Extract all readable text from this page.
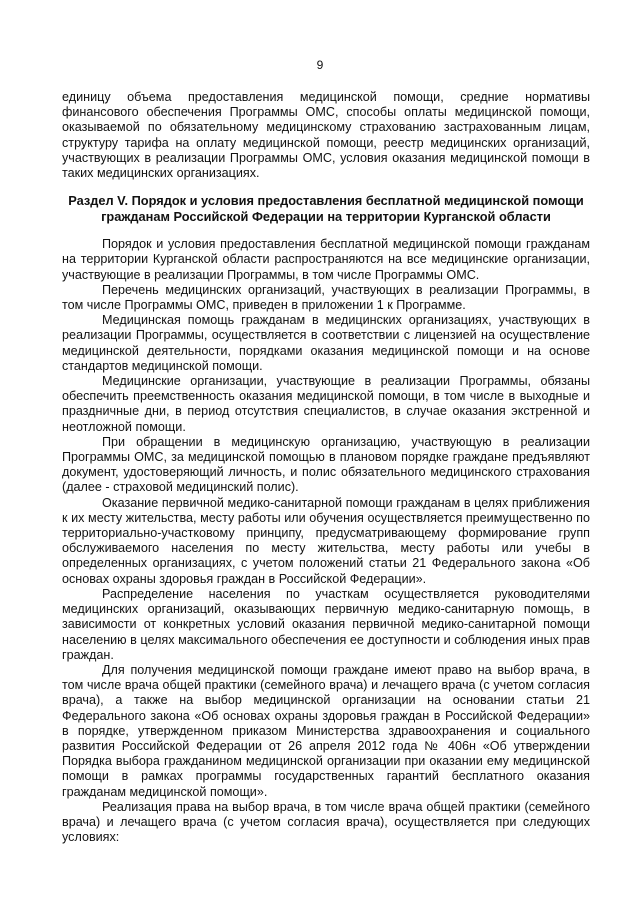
9

единицу объема предоставления медицинской помощи, средние нормативы финансового обеспечения Программы ОМС, способы оплаты медицинской помощи, оказываемой по обязательному медицинскому страхованию застрахованным лицам, структуру тарифа на оплату медицинской помощи, реестр медицинских организаций, участвующих в реализации Программы ОМС, условия оказания медицинской помощи в таких медицинских организациях.

Раздел V. Порядок и условия предоставления бесплатной медицинской помощи гражданам Российской Федерации на территории Курганской области

Порядок и условия предоставления бесплатной медицинской помощи гражданам на территории Курганской области распространяются на все медицинские организации, участвующие в реализации Программы, в том числе Программы ОМС.

Перечень медицинских организаций, участвующих в реализации Программы, в том числе Программы ОМС, приведен в приложении 1 к Программе.

Медицинская помощь гражданам в медицинских организациях, участвующих в реализации Программы, осуществляется в соответствии с лицензией на осуществление медицинской деятельности, порядками оказания медицинской помощи и на основе стандартов медицинской помощи.

Медицинские организации, участвующие в реализации Программы, обязаны обеспечить преемственность оказания медицинской помощи, в том числе в выходные и праздничные дни, в период отсутствия специалистов, в случае оказания экстренной и неотложной помощи.

При обращении в медицинскую организацию, участвующую в реализации Программы ОМС, за медицинской помощью в плановом порядке граждане предъявляют документ, удостоверяющий личность, и полис обязательного медицинского страхования (далее - страховой медицинский полис).

Оказание первичной медико-санитарной помощи гражданам в целях приближения к их месту жительства, месту работы или обучения осуществляется преимущественно по территориально-участковому принципу, предусматривающему формирование групп обслуживаемого населения по месту жительства, месту работы или учебы в определенных организациях, с учетом положений статьи 21 Федерального закона «Об основах охраны здоровья граждан в Российской Федерации».

Распределение населения по участкам осуществляется руководителями медицинских организаций, оказывающих первичную медико-санитарную помощь, в зависимости от конкретных условий оказания первичной медико-санитарной помощи населению в целях максимального обеспечения ее доступности и соблюдения иных прав граждан.

Для получения медицинской помощи граждане имеют право на выбор врача, в том числе врача общей практики (семейного врача) и лечащего врача (с учетом согласия врача), а также на выбор медицинской организации на основании статьи 21 Федерального закона «Об основах охраны здоровья граждан в Российской Федерации» в порядке, утвержденном приказом Министерства здравоохранения и социального развития Российской Федерации от 26 апреля 2012 года № 406н «Об утверждении Порядка выбора гражданином медицинской организации при оказании ему медицинской помощи в рамках программы государственных гарантий бесплатного оказания гражданам медицинской помощи».

Реализация права на выбор врача, в том числе врача общей практики (семейного врача) и лечащего врача (с учетом согласия врача), осуществляется при следующих условиях:
